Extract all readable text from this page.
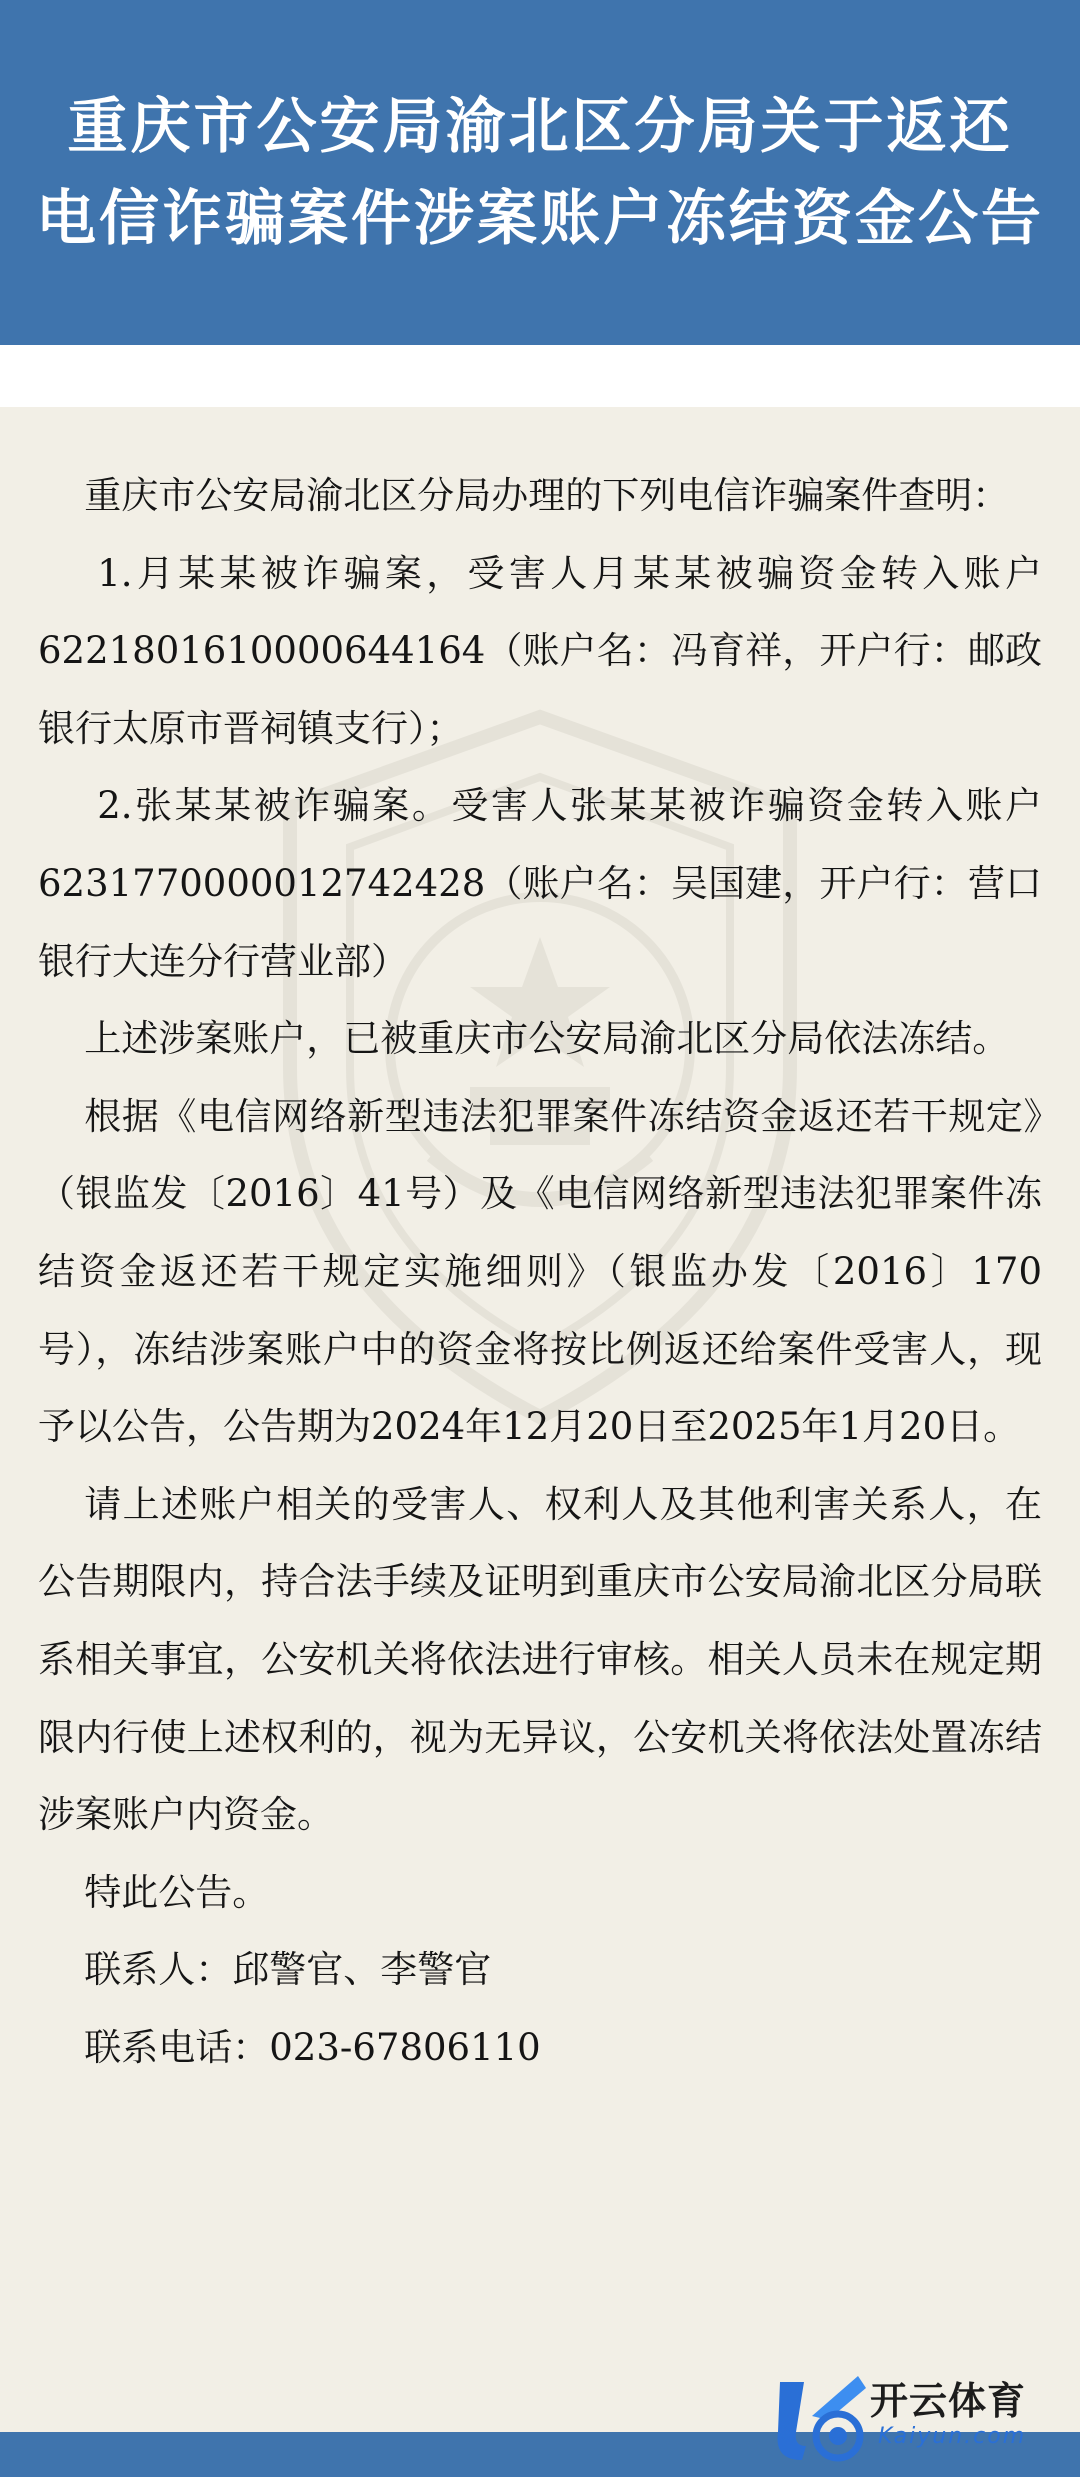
重庆市公安局渝北区分局关于返还
电信诈骗案件涉案账户冻结资金公告

重庆市公安局渝北区分局办理的下列电信诈骗案件查明：

1.月某某被诈骗案，受害人月某某被骗资金转入账户6221801610000644164（账户名：冯育祥，开户行：邮政银行太原市晋祠镇支行）；

2.张某某被诈骗案。受害人张某某被诈骗资金转入账户6231770000012742428（账户名：吴国建，开户行：营口银行大连分行营业部）

上述涉案账户，已被重庆市公安局渝北区分局依法冻结。

根据《电信网络新型违法犯罪案件冻结资金返还若干规定》（银监发〔2016〕41号）及《电信网络新型违法犯罪案件冻结资金返还若干规定实施细则》（银监办发〔2016〕170号），冻结涉案账户中的资金将按比例返还给案件受害人，现予以公告，公告期为2024年12月20日至2025年1月20日。

请上述账户相关的受害人、权利人及其他利害关系人，在公告期限内，持合法手续及证明到重庆市公安局渝北区分局联系相关事宜，公安机关将依法进行审核。相关人员未在规定期限内行使上述权利的，视为无异议，公安机关将依法处置冻结涉案账户内资金。

特此公告。

联系人：邱警官、李警官

联系电话：023-67806110

开云体育
Kaiyun.com
